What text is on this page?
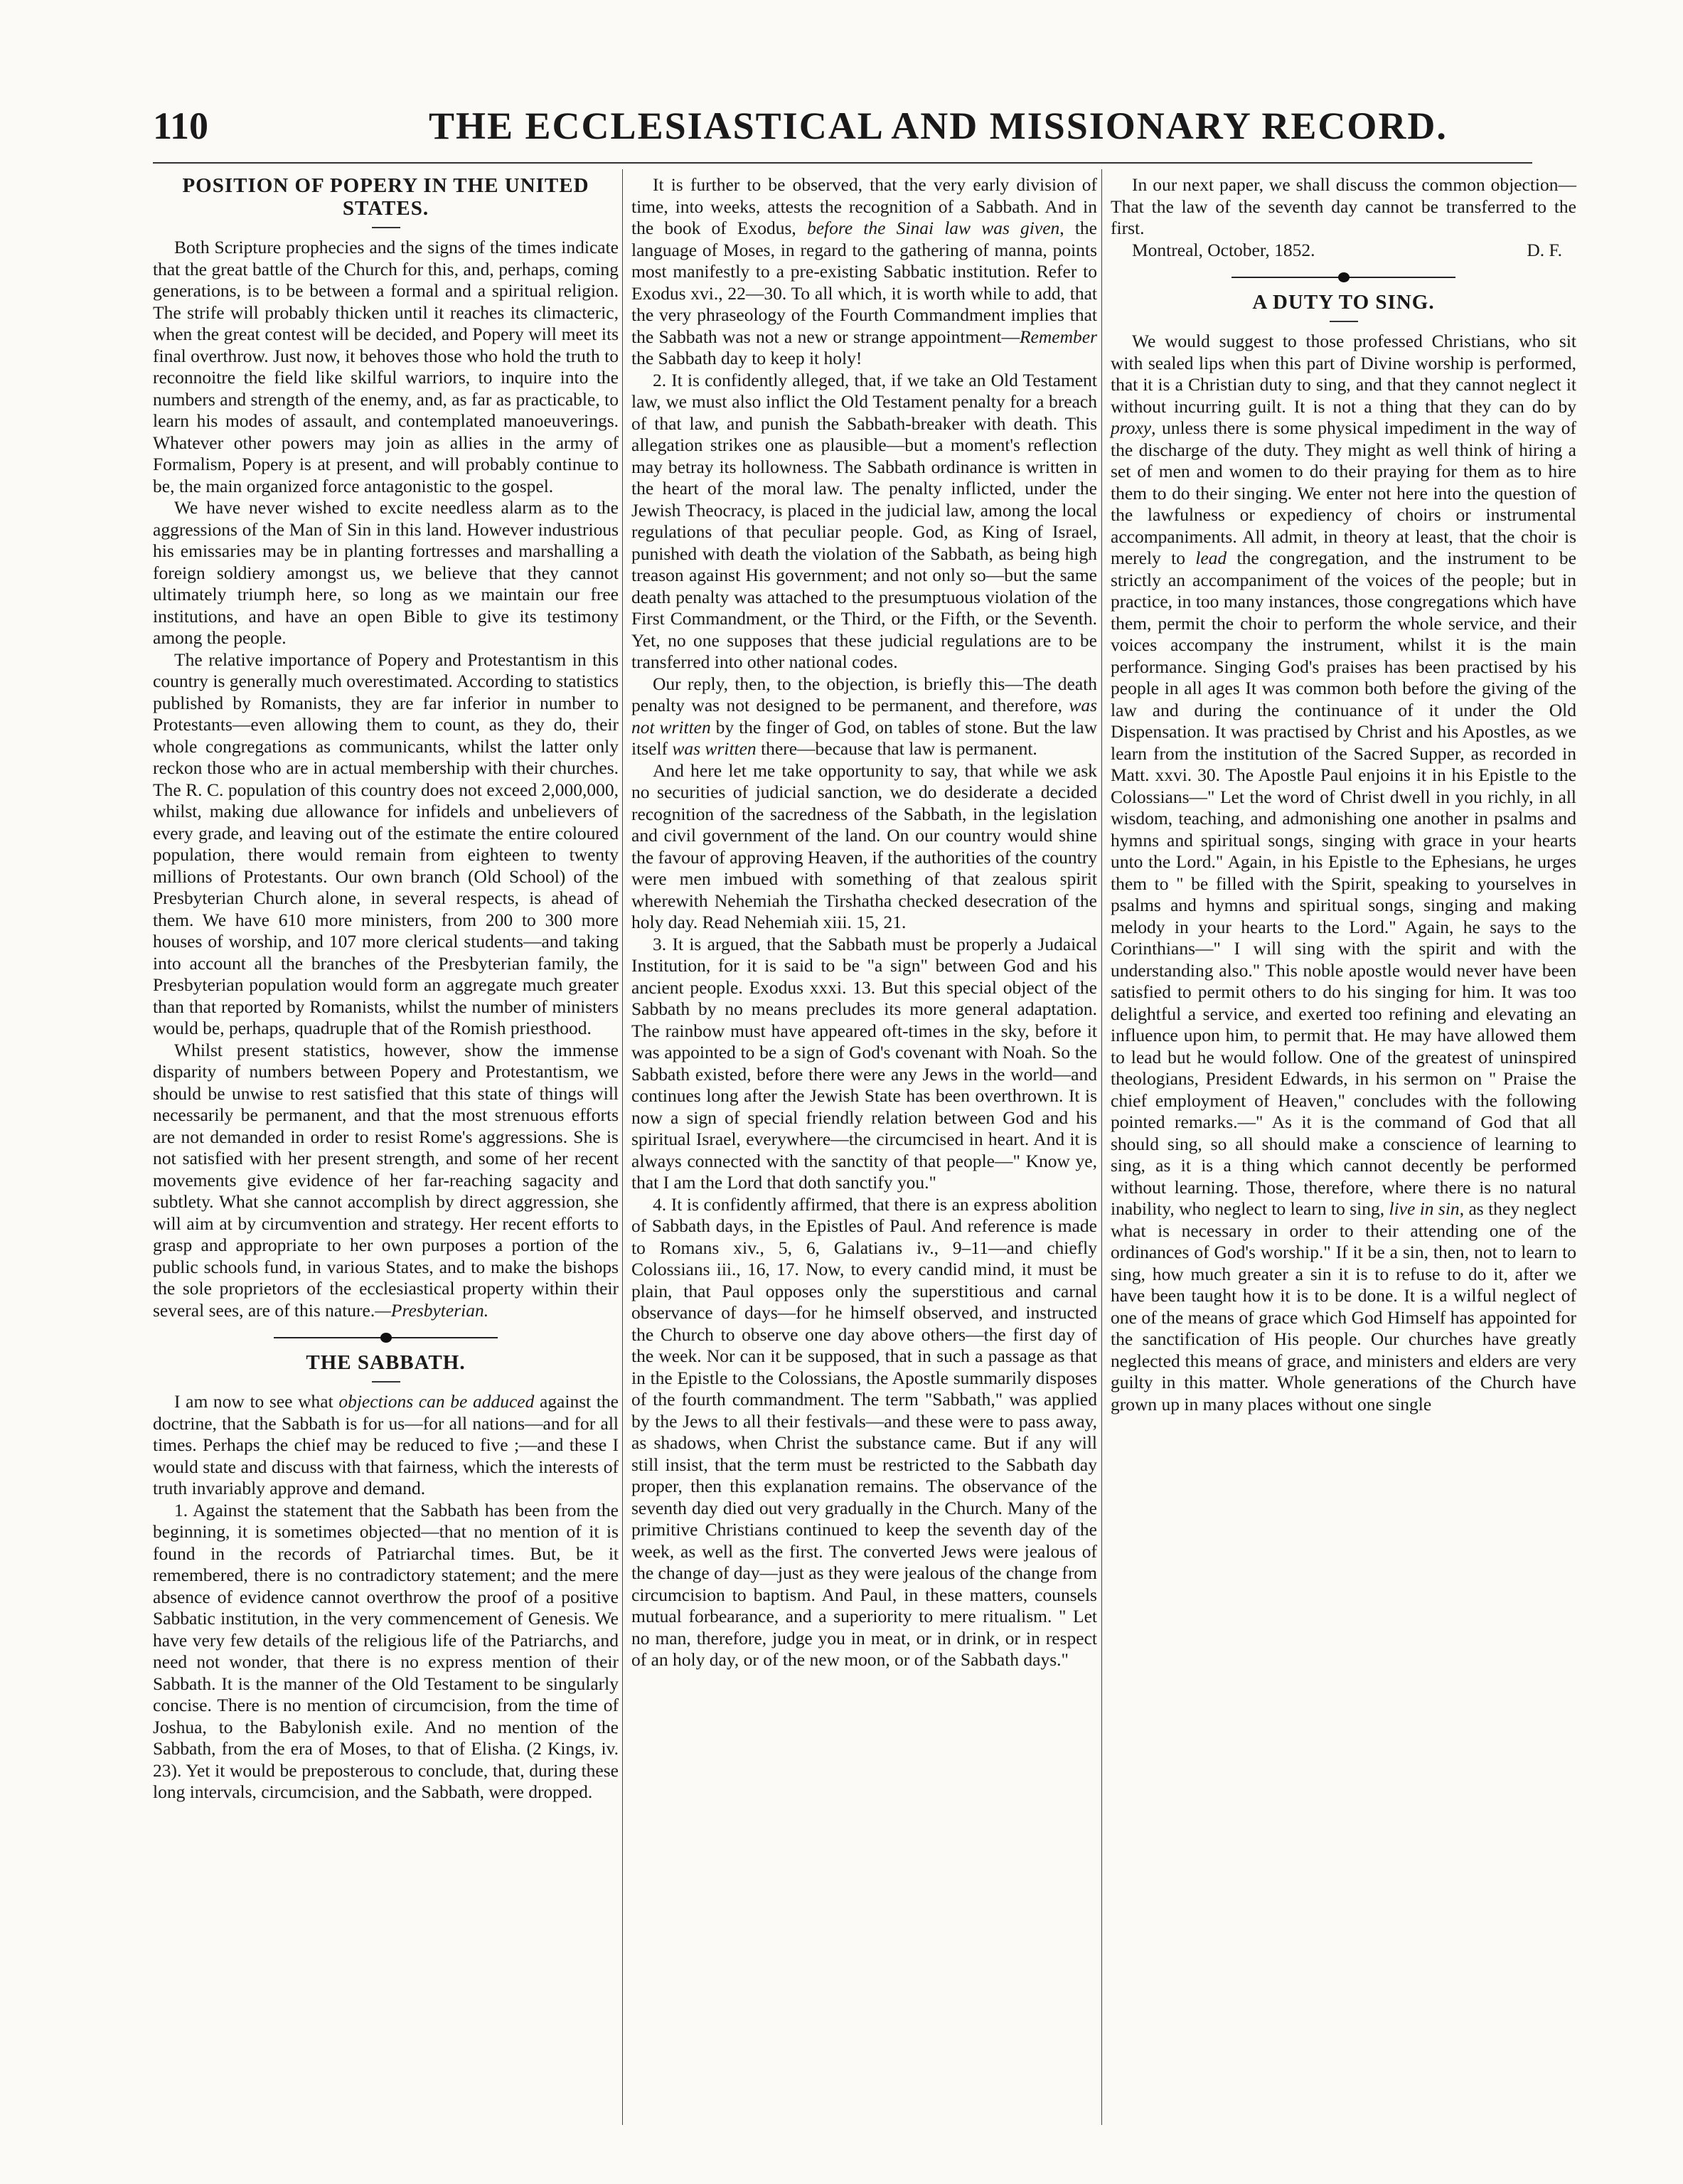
110	THE ECCLESIASTICAL AND MISSIONARY RECORD.
POSITION OF POPERY IN THE UNITED STATES.

Both Scripture prophecies and the signs of the times indicate that the great battle of the Church for this, and, perhaps, coming generations, is to be between a formal and a spiritual religion. The strife will probably thicken until it reaches its climacteric, when the great contest will be decided, and Popery will meet its final overthrow. Just now, it behoves those who hold the truth to reconnoitre the field like skilful warriors, to inquire into the numbers and strength of the enemy, and, as far as practicable, to learn his modes of assault, and contemplated manoeuverings. Whatever other powers may join as allies in the army of Formalism, Popery is at present, and will probably continue to be, the main organized force antagonistic to the gospel.

We have never wished to excite needless alarm as to the aggressions of the Man of Sin in this land. However industrious his emissaries may be in planting fortresses and marshalling a foreign soldiery amongst us, we believe that they cannot ultimately triumph here, so long as we maintain our free institutions, and have an open Bible to give its testimony among the people.

The relative importance of Popery and Protestantism in this country is generally much overestimated. According to statistics published by Romanists, they are far inferior in number to Protestants—even allowing them to count, as they do, their whole congregations as communicants, whilst the latter only reckon those who are in actual membership with their churches. The R. C. population of this country does not exceed 2,000,000, whilst, making due allowance for infidels and unbelievers of every grade, and leaving out of the estimate the entire coloured population, there would remain from eighteen to twenty millions of Protestants. Our own branch (Old School) of the Presbyterian Church alone, in several respects, is ahead of them. We have 610 more ministers, from 200 to 300 more houses of worship, and 107 more clerical students—and taking into account all the branches of the Presbyterian family, the Presbyterian population would form an aggregate much greater than that reported by Romanists, whilst the number of ministers would be, perhaps, quadruple that of the Romish priesthood.

Whilst present statistics, however, show the immense disparity of numbers between Popery and Protestantism, we should be unwise to rest satisfied that this state of things will necessarily be permanent, and that the most strenuous efforts are not demanded in order to resist Rome's aggressions. She is not satisfied with her present strength, and some of her recent movements give evidence of her far-reaching sagacity and subtlety. What she cannot accomplish by direct aggression, she will aim at by circumvention and strategy. Her recent efforts to grasp and appropriate to her own purposes a portion of the public schools fund, in various States, and to make the bishops the sole proprietors of the ecclesiastical property within their several sees, are of this nature.—Presbyterian.

THE SABBATH.

I am now to see what objections can be adduced against the doctrine, that the Sabbath is for us—for all nations—and for all times. Perhaps the chief may be reduced to five ;—and these I would state and discuss with that fairness, which the interests of truth invariably approve and demand.

1. Against the statement that the Sabbath has been from the beginning, it is sometimes objected—that no mention of it is found in the records of Patriarchal times. But, be it remembered, there is no contradictory statement; and the mere absence of evidence cannot overthrow the proof of a positive Sabbatic institution, in the very commencement of Genesis. We have very few details of the religious life of the Patriarchs, and need not wonder, that there is no express mention of their Sabbath. It is the manner of the Old Testament to be singularly concise. There is no mention of circumcision, from the time of Joshua, to the Babylonish exile. And no mention of the Sabbath, from the era of Moses, to that of Elisha. (2 Kings, iv. 23). Yet it would be preposterous to conclude, that, during these long intervals, circumcision, and the Sabbath, were dropped.

It is further to be observed, that the very early division of time, into weeks, attests the recognition of a Sabbath. And in the book of Exodus, before the Sinai law was given, the language of Moses, in regard to the gathering of manna, points most manifestly to a pre-existing Sabbatic institution. Refer to Exodus xvi., 22—30. To all which, it is worth while to add, that the very phraseology of the Fourth Commandment implies that the Sabbath was not a new or strange appointment—Remember the Sabbath day to keep it holy!

2. It is confidently alleged, that, if we take an Old Testament law, we must also inflict the Old Testament penalty for a breach of that law, and punish the Sabbath-breaker with death. This allegation strikes one as plausible—but a moment's reflection may betray its hollowness. The Sabbath ordinance is written in the heart of the moral law. The penalty inflicted, under the Jewish Theocracy, is placed in the judicial law, among the local regulations of that peculiar people. God, as King of Israel, punished with death the violation of the Sabbath, as being high treason against His government; and not only so—but the same death penalty was attached to the presumptuous violation of the First Commandment, or the Third, or the Fifth, or the Seventh. Yet, no one supposes that these judicial regulations are to be transferred into other national codes.

Our reply, then, to the objection, is briefly this—The death penalty was not designed to be permanent, and therefore, was not written by the finger of God, on tables of stone. But the law itself was written there—because that law is permanent.

And here let me take opportunity to say, that while we ask no securities of judicial sanction, we do desiderate a decided recognition of the sacredness of the Sabbath, in the legislation and civil government of the land. On our country would shine the favour of approving Heaven, if the authorities of the country were men imbued with something of that zealous spirit wherewith Nehemiah the Tirshatha checked desecration of the holy day. Read Nehemiah xiii. 15, 21.

3. It is argued, that the Sabbath must be properly a Judaical Institution, for it is said to be "a sign" between God and his ancient people. Exodus xxxi. 13. But this special object of the Sabbath by no means precludes its more general adaptation. The rainbow must have appeared oft-times in the sky, before it was appointed to be a sign of God's covenant with Noah. So the Sabbath existed, before there were any Jews in the world—and continues long after the Jewish State has been overthrown. It is now a sign of special friendly relation between God and his spiritual Israel, everywhere—the circumcised in heart. And it is always connected with the sanctity of that people—" Know ye, that I am the Lord that doth sanctify you."

4. It is confidently affirmed, that there is an express abolition of Sabbath days, in the Epistles of Paul. And reference is made to Romans xiv., 5, 6, Galatians iv., 9–11—and chiefly Colossians iii., 16, 17. Now, to every candid mind, it must be plain, that Paul opposes only the superstitious and carnal observance of days—for he himself observed, and instructed the Church to observe one day above others—the first day of the week. Nor can it be supposed, that in such a passage as that in the Epistle to the Colossians, the Apostle summarily disposes of the fourth commandment. The term "Sabbath," was applied by the Jews to all their festivals—and these were to pass away, as shadows, when Christ the substance came. But if any will still insist, that the term must be restricted to the Sabbath day proper, then this explanation remains. The observance of the seventh day died out very gradually in the Church. Many of the primitive Christians continued to keep the seventh day of the week, as well as the first. The converted Jews were jealous of the change of day—just as they were jealous of the change from circumcision to baptism. And Paul, in these matters, counsels mutual forbearance, and a superiority to mere ritualism. " Let no man, therefore, judge you in meat, or in drink, or in respect of an holy day, or of the new moon, or of the Sabbath days."

In our next paper, we shall discuss the common objection—That the law of the seventh day cannot be transferred to the first.

Montreal, October, 1852.	D. F.
A DUTY TO SING.

We would suggest to those professed Christians, who sit with sealed lips when this part of Divine worship is performed, that it is a Christian duty to sing, and that they cannot neglect it without incurring guilt. It is not a thing that they can do by proxy, unless there is some physical impediment in the way of the discharge of the duty. They might as well think of hiring a set of men and women to do their praying for them as to hire them to do their singing. We enter not here into the question of the lawfulness or expediency of choirs or instrumental accompaniments. All admit, in theory at least, that the choir is merely to lead the congregation, and the instrument to be strictly an accompaniment of the voices of the people; but in practice, in too many instances, those congregations which have them, permit the choir to perform the whole service, and their voices accompany the instrument, whilst it is the main performance. Singing God's praises has been practised by his people in all ages It was common both before the giving of the law and during the continuance of it under the Old Dispensation. It was practised by Christ and his Apostles, as we learn from the institution of the Sacred Supper, as recorded in Matt. xxvi. 30. The Apostle Paul enjoins it in his Epistle to the Colossians—" Let the word of Christ dwell in you richly, in all wisdom, teaching, and admonishing one another in psalms and hymns and spiritual songs, singing with grace in your hearts unto the Lord." Again, in his Epistle to the Ephesians, he urges them to " be filled with the Spirit, speaking to yourselves in psalms and hymns and spiritual songs, singing and making melody in your hearts to the Lord." Again, he says to the Corinthians—" I will sing with the spirit and with the understanding also." This noble apostle would never have been satisfied to permit others to do his singing for him. It was too delightful a service, and exerted too refining and elevating an influence upon him, to permit that. He may have allowed them to lead but he would follow. One of the greatest of uninspired theologians, President Edwards, in his sermon on " Praise the chief employment of Heaven," concludes with the following pointed remarks.—" As it is the command of God that all should sing, so all should make a conscience of learning to sing, as it is a thing which cannot decently be performed without learning. Those, therefore, where there is no natural inability, who neglect to learn to sing, live in sin, as they neglect what is necessary in order to their attending one of the ordinances of God's worship." If it be a sin, then, not to learn to sing, how much greater a sin it is to refuse to do it, after we have been taught how it is to be done. It is a wilful neglect of one of the means of grace which God Himself has appointed for the sanctification of His people. Our churches have greatly neglected this means of grace, and ministers and elders are very guilty in this matter. Whole generations of the Church have grown up in many places without one single
